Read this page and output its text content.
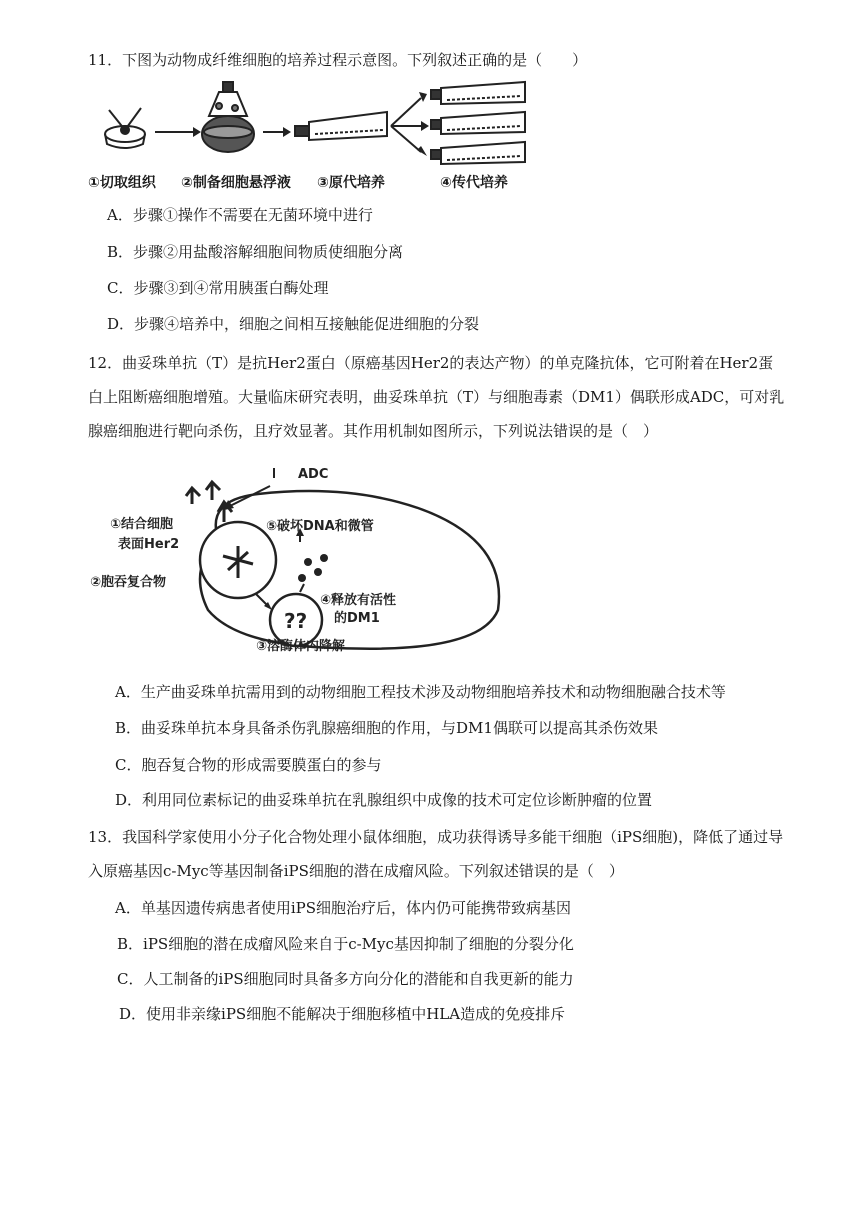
11．下图为动物成纤维细胞的培养过程示意图。下列叙述正确的是（　　）

①切取组织 ②制备细胞悬浮液 ③原代培养	④传代培养

A．步骤①操作不需要在无菌环境中进行

B．步骤②用盐酸溶解细胞间物质使细胞分离

C．步骤③到④常用胰蛋白酶处理

D．步骤④培养中，细胞之间相互接触能促进细胞的分裂

12．曲妥珠单抗（T）是抗Her2蛋白（原癌基因Her2的表达产物）的单克隆抗体，它可附着在Her2蛋白上阻断癌细胞增殖。大量临床研究表明，曲妥珠单抗（T）与细胞毒素（DM1）偶联形成ADC，可对乳腺癌细胞进行靶向杀伤，且疗效显著。其作用机制如图所示，下列说法错误的是（　）

??
ADC
①结合细胞
表面Her2
②胞吞复合物
⑤破坏DNA和微管
④释放有活性
的DM1
③溶酶体内降解

A．生产曲妥珠单抗需用到的动物细胞工程技术涉及动物细胞培养技术和动物细胞融合技术等

B．曲妥珠单抗本身具备杀伤乳腺癌细胞的作用，与DM1偶联可以提高其杀伤效果

C．胞吞复合物的形成需要膜蛋白的参与

D．利用同位素标记的曲妥珠单抗在乳腺组织中成像的技术可定位诊断肿瘤的位置

13．我国科学家使用小分子化合物处理小鼠体细胞，成功获得诱导多能干细胞（iPS细胞)，降低了通过导入原癌基因c-Myc等基因制备iPS细胞的潜在成瘤风险。下列叙述错误的是（　）

A．单基因遗传病患者使用iPS细胞治疗后，体内仍可能携带致病基因

B．iPS细胞的潜在成瘤风险来自于c-Myc基因抑制了细胞的分裂分化

C．人工制备的iPS细胞同时具备多方向分化的潜能和自我更新的能力

D．使用非亲缘iPS细胞不能解决于细胞移植中HLA造成的免疫排斥
